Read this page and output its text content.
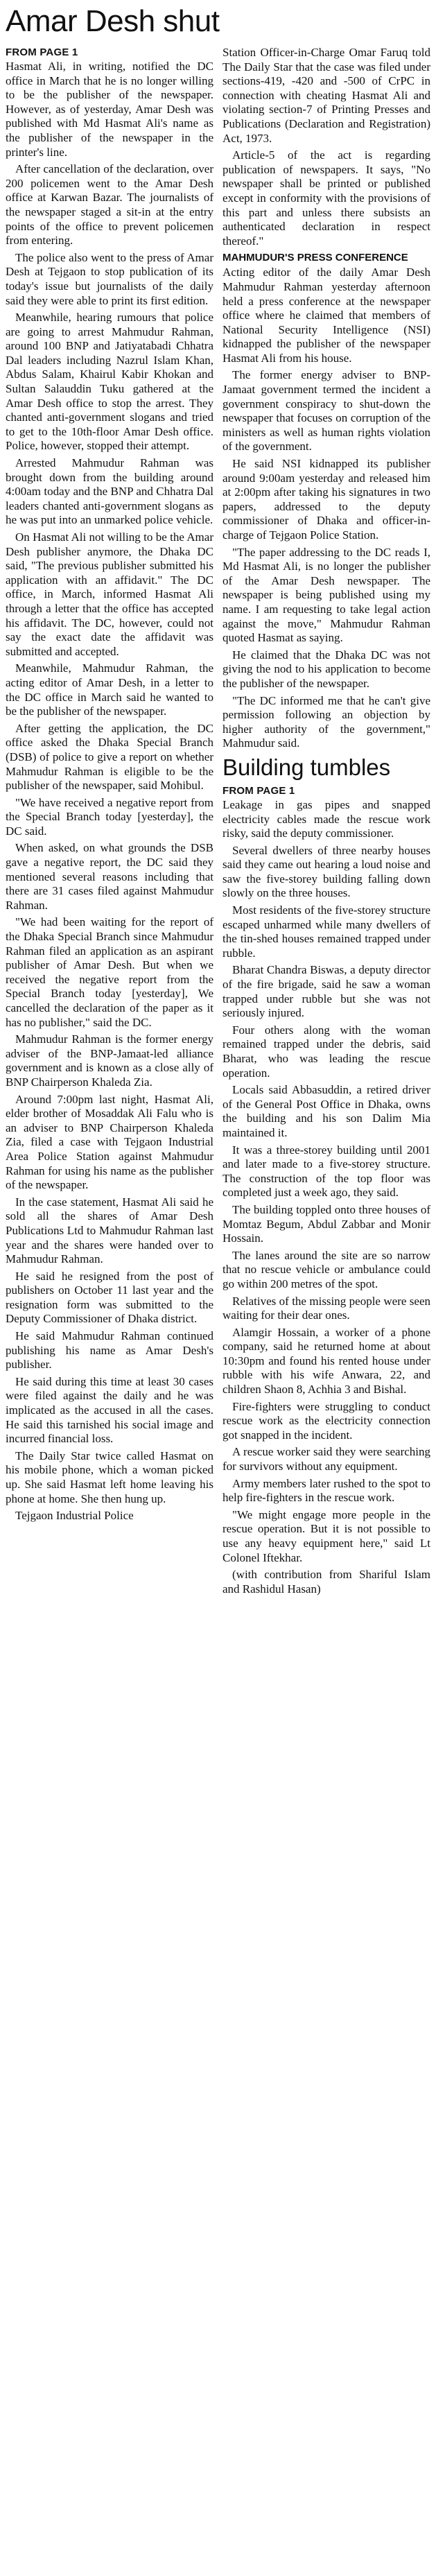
Amar Desh shut
FROM PAGE 1

Hasmat Ali, in writing, notified the DC office in March that he is no longer willing to be the publisher of the newspaper. However, as of yesterday, Amar Desh was published with Md Hasmat Ali's name as the publisher of the newspaper in the printer's line.

After cancellation of the declaration, over 200 policemen went to the Amar Desh office at Karwan Bazar. The journalists of the newspaper staged a sit-in at the entry points of the office to prevent policemen from entering.

The police also went to the press of Amar Desh at Tejgaon to stop publication of its today's issue but journalists of the daily said they were able to print its first edition.

Meanwhile, hearing rumours that police are going to arrest Mahmudur Rahman, around 100 BNP and Jatiyatabadi Chhatra Dal leaders including Nazrul Islam Khan, Abdus Salam, Khairul Kabir Khokan and Sultan Salauddin Tuku gathered at the Amar Desh office to stop the arrest. They chanted anti-government slogans and tried to get to the 10th-floor Amar Desh office. Police, however, stopped their attempt.

Arrested Mahmudur Rahman was brought down from the building around 4:00am today and the BNP and Chhatra Dal leaders chanted anti-government slogans as he was put into an unmarked police vehicle.

On Hasmat Ali not willing to be the Amar Desh publisher anymore, the Dhaka DC said, "The previous publisher submitted his application with an affidavit." The DC office, in March, informed Hasmat Ali through a letter that the office has accepted his affidavit. The DC, however, could not say the exact date the affidavit was submitted and accepted.

Meanwhile, Mahmudur Rahman, the acting editor of Amar Desh, in a letter to the DC office in March said he wanted to be the publisher of the newspaper.

After getting the application, the DC office asked the Dhaka Special Branch (DSB) of police to give a report on whether Mahmudur Rahman is eligible to be the publisher of the newspaper, said Mohibul.

"We have received a negative report from the Special Branch today [yesterday], the DC said.

When asked, on what grounds the DSB gave a negative report, the DC said they mentioned several reasons including that there are 31 cases filed against Mahmudur Rahman.

"We had been waiting for the report of the Dhaka Special Branch since Mahmudur Rahman filed an application as an aspirant publisher of Amar Desh. But when we received the negative report from the Special Branch today [yesterday], We cancelled the declaration of the paper as it has no publisher," said the DC.

Mahmudur Rahman is the former energy adviser of the BNP-Jamaat-led alliance government and is known as a close ally of BNP Chairperson Khaleda Zia.

Around 7:00pm last night, Hasmat Ali, elder brother of Mosaddak Ali Falu who is an adviser to BNP Chairperson Khaleda Zia, filed a case with Tejgaon Industrial Area Police Station against Mahmudur Rahman for using his name as the publisher of the newspaper.

In the case statement, Hasmat Ali said he sold all the shares of Amar Desh Publications Ltd to Mahmudur Rahman last year and the shares were handed over to Mahmudur Rahman.

He said he resigned from the post of publishers on October 11 last year and the resignation form was submitted to the Deputy Commissioner of Dhaka district.

He said Mahmudur Rahman continued publishing his name as Amar Desh's publisher.

He said during this time at least 30 cases were filed against the daily and he was implicated as the accused in all the cases. He said this tarnished his social image and incurred financial loss.

The Daily Star twice called Hasmat on his mobile phone, which a woman picked up. She said Hasmat left home leaving his phone at home. She then hung up.

Tejgaon Industrial Police

Station Officer-in-Charge Omar Faruq told The Daily Star that the case was filed under sections-419, -420 and -500 of CrPC in connection with cheating Hasmat Ali and violating section-7 of Printing Presses and Publications (Declaration and Registration) Act, 1973.

Article-5 of the act is regarding publication of newspapers. It says, "No newspaper shall be printed or published except in conformity with the provisions of this part and unless there subsists an authenticated declaration in respect thereof."

MAHMUDUR'S PRESS CONFERENCE

Acting editor of the daily Amar Desh Mahmudur Rahman yesterday afternoon held a press conference at the newspaper office where he claimed that members of National Security Intelligence (NSI) kidnapped the publisher of the newspaper Hasmat Ali from his house.

The former energy adviser to BNP-Jamaat government termed the incident a government conspiracy to shut-down the newspaper that focuses on corruption of the ministers as well as human rights violation of the government.

He said NSI kidnapped its publisher around 9:00am yesterday and released him at 2:00pm after taking his signatures in two papers, addressed to the deputy commissioner of Dhaka and officer-in-charge of Tejgaon Police Station.

"The paper addressing to the DC reads I, Md Hasmat Ali, is no longer the publisher of the Amar Desh newspaper. The newspaper is being published using my name. I am requesting to take legal action against the move," Mahmudur Rahman quoted Hasmat as saying.

He claimed that the Dhaka DC was not giving the nod to his application to become the publisher of the newspaper.

"The DC informed me that he can't give permission following an objection by higher authority of the government," Mahmudur said.

Building tumbles
FROM PAGE 1

Leakage in gas pipes and snapped electricity cables made the rescue work risky, said the deputy commissioner.

Several dwellers of three nearby houses said they came out hearing a loud noise and saw the five-storey building falling down slowly on the three houses.

Most residents of the five-storey structure escaped unharmed while many dwellers of the tin-shed houses remained trapped under rubble.

Bharat Chandra Biswas, a deputy director of the fire brigade, said he saw a woman trapped under rubble but she was not seriously injured.

Four others along with the woman remained trapped under the debris, said Bharat, who was leading the rescue operation.

Locals said Abbasuddin, a retired driver of the General Post Office in Dhaka, owns the building and his son Dalim Mia maintained it.

It was a three-storey building until 2001 and later made to a five-storey structure. The construction of the top floor was completed just a week ago, they said.

The building toppled onto three houses of Momtaz Begum, Abdul Zabbar and Monir Hossain.

The lanes around the site are so narrow that no rescue vehicle or ambulance could go within 200 metres of the spot.

Relatives of the missing people were seen waiting for their dear ones.

Alamgir Hossain, a worker of a phone company, said he returned home at about 10:30pm and found his rented house under rubble with his wife Anwara, 22, and children Shaon 8, Achhia 3 and Bishal.

Fire-fighters were struggling to conduct rescue work as the electricity connection got snapped in the incident.

A rescue worker said they were searching for survivors without any equipment.

Army members later rushed to the spot to help fire-fighters in the rescue work.

"We might engage more people in the rescue operation. But it is not possible to use any heavy equipment here," said Lt Colonel Iftekhar.

(with contribution from Shariful Islam and Rashidul Hasan)
